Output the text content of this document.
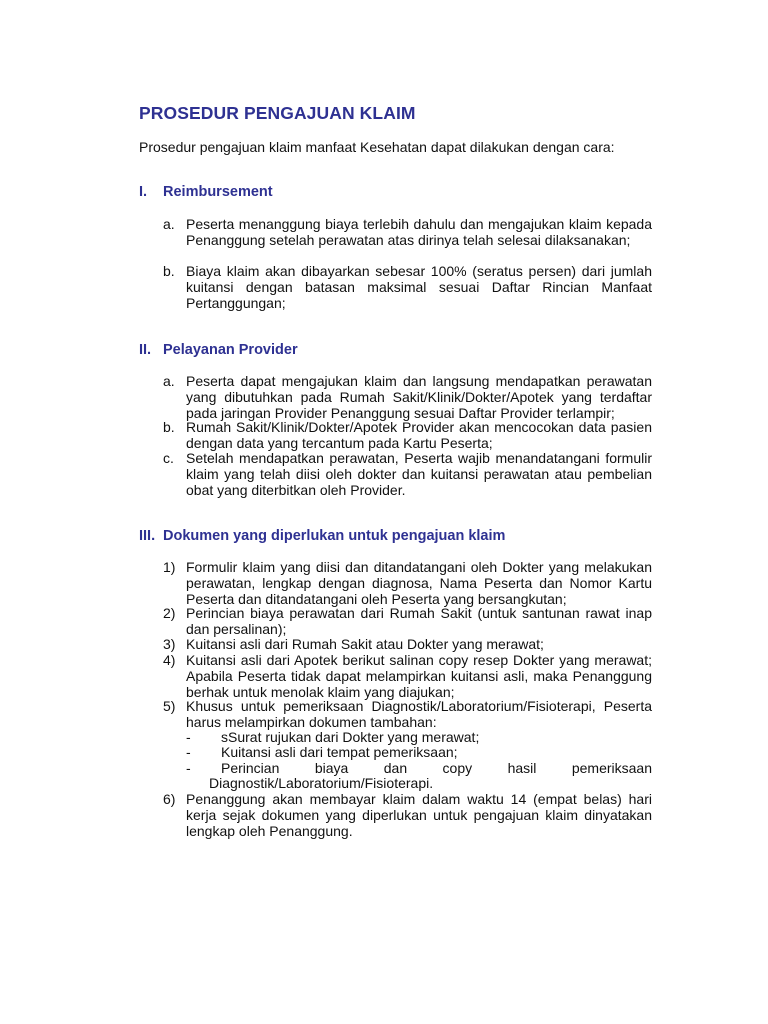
PROSEDUR PENGAJUAN KLAIM
Prosedur pengajuan klaim manfaat Kesehatan dapat dilakukan dengan cara:
I. Reimbursement
a. Peserta menanggung biaya terlebih dahulu dan mengajukan klaim kepada Penanggung setelah perawatan atas dirinya telah selesai dilaksanakan;
b. Biaya klaim akan dibayarkan sebesar 100% (seratus persen) dari jumlah kuitansi dengan batasan maksimal sesuai Daftar Rincian Manfaat Pertanggungan;
II. Pelayanan Provider
a. Peserta dapat mengajukan klaim dan langsung mendapatkan perawatan yang dibutuhkan pada Rumah Sakit/Klinik/Dokter/Apotek yang terdaftar pada jaringan Provider Penanggung sesuai Daftar Provider terlampir;
b. Rumah Sakit/Klinik/Dokter/Apotek Provider akan mencocokan data pasien dengan data yang tercantum pada Kartu Peserta;
c. Setelah mendapatkan perawatan, Peserta wajib menandatangani formulir klaim yang telah diisi oleh dokter dan kuitansi perawatan atau pembelian obat yang diterbitkan oleh Provider.
III. Dokumen yang diperlukan untuk pengajuan klaim
1) Formulir klaim yang diisi dan ditandatangani oleh Dokter yang melakukan perawatan, lengkap dengan diagnosa, Nama Peserta dan Nomor Kartu Peserta dan ditandatangani oleh Peserta yang bersangkutan;
2) Perincian biaya perawatan dari Rumah Sakit (untuk santunan rawat inap dan persalinan);
3) Kuitansi asli dari Rumah Sakit atau Dokter yang merawat;
4) Kuitansi asli dari Apotek berikut salinan copy resep Dokter yang merawat; Apabila Peserta tidak dapat melampirkan kuitansi asli, maka Penanggung berhak untuk menolak klaim yang diajukan;
5) Khusus untuk pemeriksaan Diagnostik/Laboratorium/Fisioterapi, Peserta harus melampirkan dokumen tambahan:
- sSurat rujukan dari Dokter yang merawat;
- Kuitansi asli dari tempat pemeriksaan;
- Perincian biaya dan copy hasil pemeriksaan
Diagnostik/Laboratorium/Fisioterapi.
6) Penanggung akan membayar klaim dalam waktu 14 (empat belas) hari kerja sejak dokumen yang diperlukan untuk pengajuan klaim dinyatakan lengkap oleh Penanggung.
